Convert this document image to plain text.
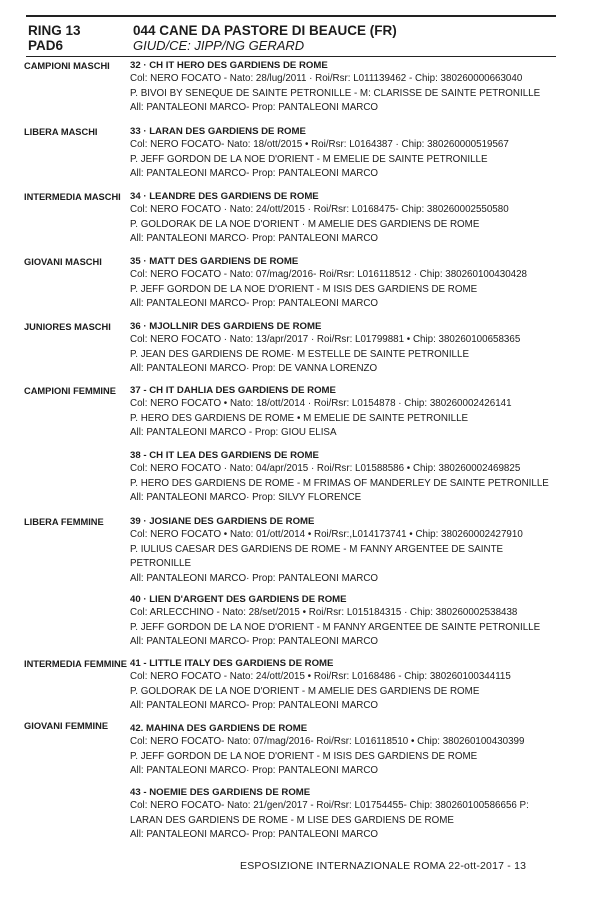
RING 13
PAD6
044 CANE DA PASTORE DI BEAUCE (FR)
GIUD/CE: JIPP/NG GERARD
CAMPIONI MASCHI
LIBERA MASCHI
INTERMEDIA MASCHI
GIOVANI MASCHI
JUNIORES MASCHI
CAMPIONI FEMMINE
LIBERA FEMMINE
INTERMEDIA FEMMINE
GIOVANI FEMMINE
32 · CH IT HERO DES GARDIENS DE ROME
Col: NERO FOCATO - Nato: 28/lug/2011 · Roi/Rsr: L011139462 - Chip: 380260000663040
P. BIVOI BY SENEQUE DE SAINTE PETRONILLE - M: CLARISSE DE SAINTE PETRONILLE
All: PANTALEONI MARCO- Prop: PANTALEONI MARCO
33 · LARAN DES GARDIENS DE ROME
Col: NERO FOCATO- Nato: 18/ott/2015 • Roi/Rsr: L0164387 · Chip: 380260000519567
P. JEFF GORDON DE LA NOE D'ORIENT - M EMELIE DE SAINTE PETRONILLE
All: PANTALEONI MARCO- Prop: PANTALEONI MARCO
34 · LEANDRE DES GARDIENS DE ROME
Col: NERO FOCATO · Nato: 24/ott/2015 · Roi/Rsr: L0168475- Chip: 380260002550580
P. GOLDORAK DE LA NOE D'ORIENT · M AMELIE DES GARDIENS DE ROME
All: PANTALEONI MARCO· Prop: PANTALEONI MARCO
35 · MATT DES GARDIENS DE ROME
Col: NERO FOCATO - Nato: 07/mag/2016- Roi/Rsr: L016118512 · Chip: 380260100430428
P. JEFF GORDON DE LA NOE D'ORIENT - M ISIS DES GARDIENS DE ROME
All: PANTALEONI MARCO- Prop: PANTALEONI MARCO
36 · MJOLLNIR DES GARDIENS DE ROME
Col: NERO FOCATO · Nato: 13/apr/2017 · Roi/Rsr: L01799881 • Chip: 380260100658365
P. JEAN DES GARDIENS DE ROME· M ESTELLE DE SAINTE PETRONILLE
All: PANTALEONI MARCO· Prop: DE VANNA LORENZO
37 - CH IT DAHLIA DES GARDIENS DE ROME
Col: NERO FOCATO • Nato: 18/ott/2014 · Roi/Rsr: L0154878 · Chip: 380260002426141
P. HERO DES GARDIENS DE ROME • M EMELIE DE SAINTE PETRONILLE
All: PANTALEONI MARCO - Prop: GIOU ELISA
38 - CH IT LEA DES GARDIENS DE ROME
Col: NERO FOCATO · Nato: 04/apr/2015 · Roi/Rsr: L01588586 • Chip: 380260002469825
P. HERO DES GARDIENS DE ROME - M FRIMAS OF MANDERLEY DE SAINTE PETRONILLE
All: PANTALEONI MARCO· Prop: SILVY FLORENCE
39 · JOSIANE DES GARDIENS DE ROME
Col: NERO FOCATO • Nato: 01/ott/2014 • Roi/Rsr:,L014173741 • Chip: 380260002427910
P. IULIUS CAESAR DES GARDIENS DE ROME - M FANNY ARGENTEE DE SAINTE PETRONILLE
All: PANTALEONI MARCO· Prop: PANTALEONI MARCO
40 · LIEN D'ARGENT DES GARDIENS DE ROME
Col: ARLECCHINO - Nato: 28/set/2015 • Roi/Rsr: L015184315 · Chip: 380260002538438
P. JEFF GORDON DE LA NOE D'ORIENT - M FANNY ARGENTEE DE SAINTE PETRONILLE
All: PANTALEONI MARCO- Prop: PANTALEONI MARCO
41 - LITTLE ITALY DES GARDIENS DE ROME
Col: NERO FOCATO - Nato: 24/ott/2015 • Roi/Rsr: L0168486 - Chip: 380260100344115
P. GOLDORAK DE LA NOE D'ORIENT - M AMELIE DES GARDIENS DE ROME
All: PANTALEONI MARCO- Prop: PANTALEONI MARCO
42. MAHINA DES GARDIENS DE ROME
Col: NERO FOCATO- Nato: 07/mag/2016- Roi/Rsr: L016118510 • Chip: 380260100430399
P. JEFF GORDON DE LA NOE D'ORIENT - M ISIS DES GARDIENS DE ROME
All: PANTALEONI MARCO· Prop: PANTALEONI MARCO
43 - NOEMIE DES GARDIENS DE ROME
Col: NERO FOCATO- Nato: 21/gen/2017 - Roi/Rsr: L01754455- Chip: 380260100586656 P:
LARAN DES GARDIENS DE ROME - M LISE DES GARDIENS DE ROME
All: PANTALEONI MARCO- Prop: PANTALEONI MARCO
ESPOSIZIONE INTERNAZIONALE ROMA 22-ott-2017 - 13
